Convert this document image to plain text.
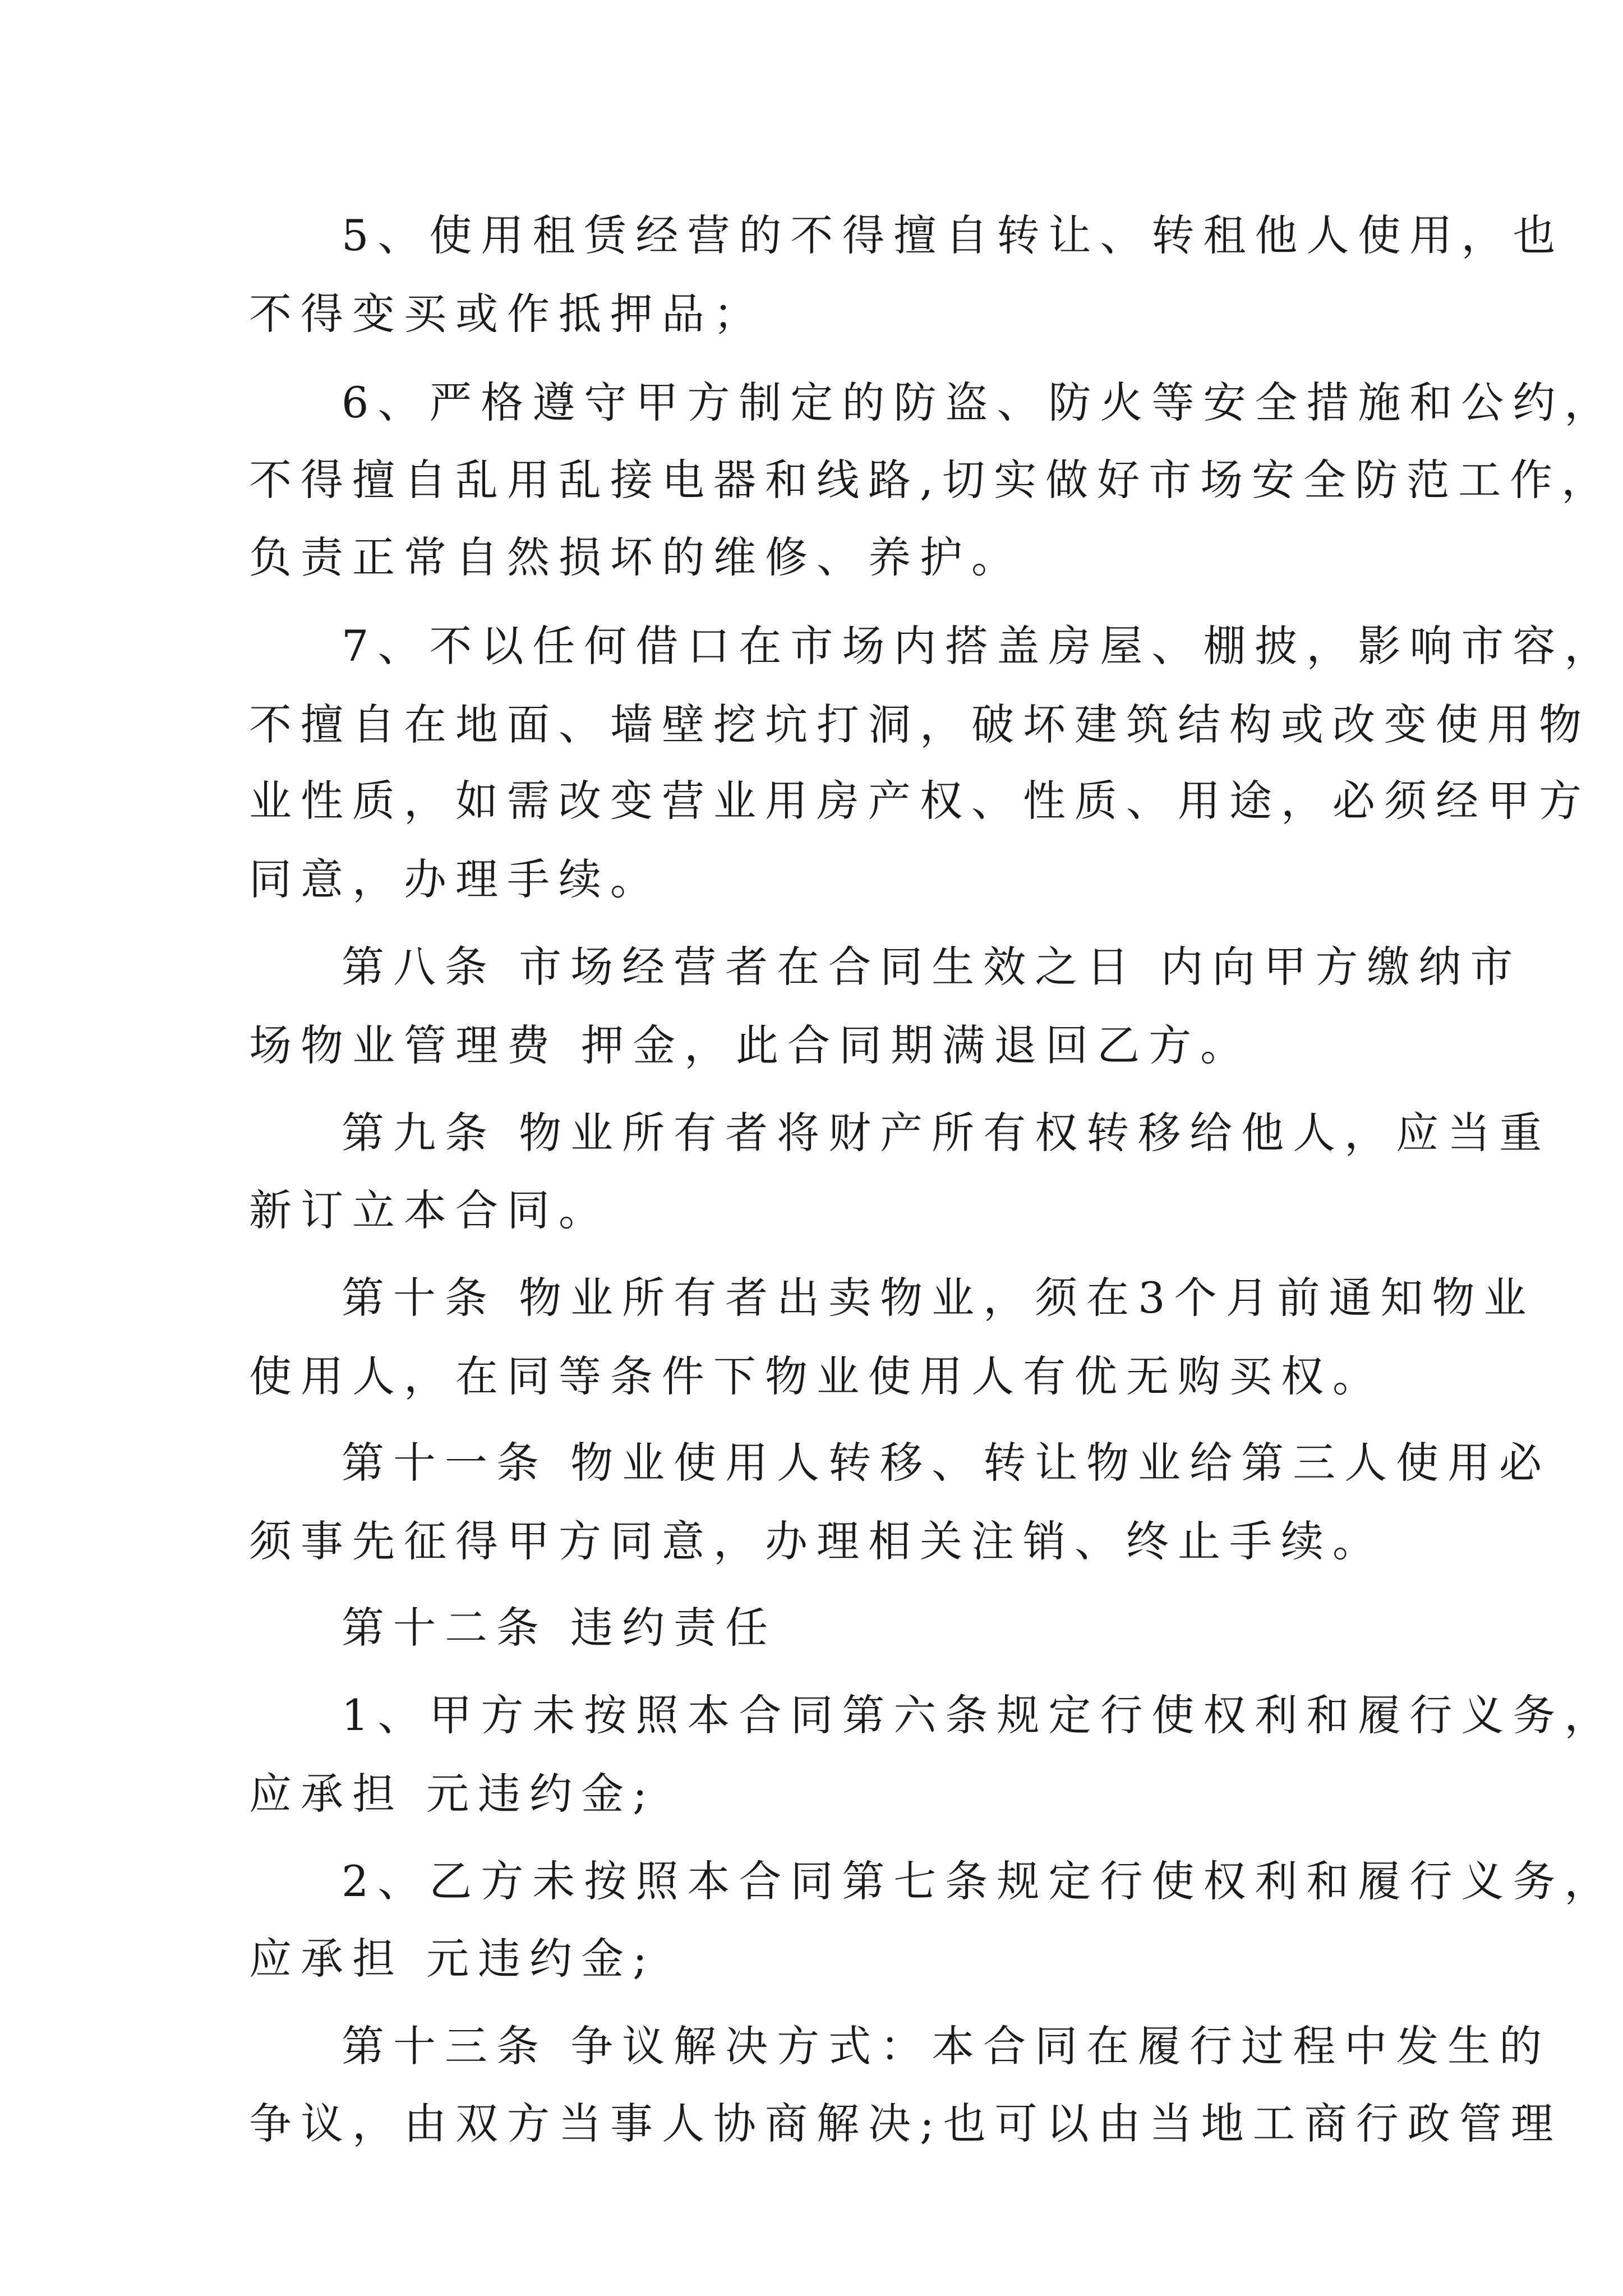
5、使用租赁经营的不得擅自转让、转租他人使用，也
不得变买或作抵押品；
6、严格遵守甲方制定的防盗、防火等安全措施和公约，
不得擅自乱用乱接电器和线路,切实做好市场安全防范工作，
负责正常自然损坏的维修、养护。
7、不以任何借口在市场内搭盖房屋、棚披，影响市容，
不擅自在地面、墙壁挖坑打洞，破坏建筑结构或改变使用物
业性质，如需改变营业用房产权、性质、用途，必须经甲方
同意，办理手续。
第八条 市场经营者在合同生效之日 内向甲方缴纳市
场物业管理费 押金，此合同期满退回乙方。
第九条 物业所有者将财产所有权转移给他人，应当重
新订立本合同。
第十条 物业所有者出卖物业，须在3个月前通知物业
使用人，在同等条件下物业使用人有优无购买权。
第十一条 物业使用人转移、转让物业给第三人使用必
须事先征得甲方同意，办理相关注销、终止手续。
第十二条 违约责任
1、甲方未按照本合同第六条规定行使权利和履行义务，
应承担 元违约金;
2、乙方未按照本合同第七条规定行使权利和履行义务，
应承担 元违约金;
第十三条 争议解决方式：本合同在履行过程中发生的
争议，由双方当事人协商解决;也可以由当地工商行政管理
